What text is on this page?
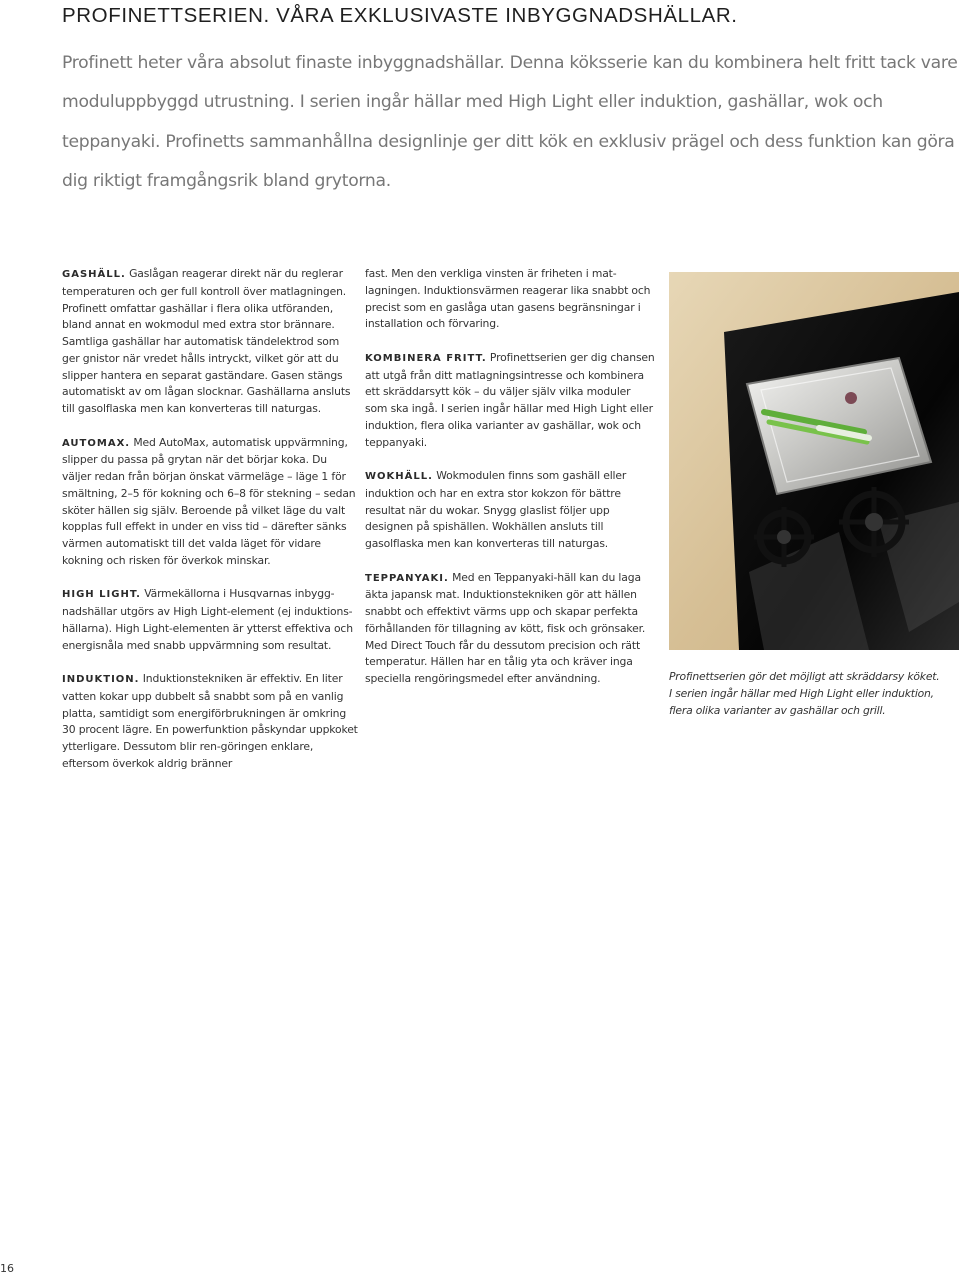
PROFINETTSERIEN. VÅRA EXKLUSIVASTE INBYGGNADSHÄLLAR.
Profinett heter våra absolut finaste inbyggnadshällar. Denna köksserie kan du kombinera helt fritt tack vare moduluppbyggd utrustning. I serien ingår hällar med High Light eller induktion, gashällar, wok och teppanyaki. Profinetts sammanhållna designlinje ger ditt kök en exklusiv prägel och dess funktion kan göra dig riktigt framgångsrik bland grytorna.

GASHÄLL. Gaslågan reagerar direkt när du reglerar temperaturen och ger full kontroll över matlagningen. Profinett omfattar gashällar i flera olika utföranden, bland annat en wokmodul med extra stor brännare. Samtliga gashällar har automatisk tändelektrod som ger gnistor när vredet hålls intryckt, vilket gör att du slipper hantera en separat gaständare. Gasen stängs automatiskt av om lågan slocknar. Gashällarna ansluts till gasolflaska men kan konverteras till naturgas.

AUTOMAX. Med AutoMax, automatisk uppvärmning, slipper du passa på grytan när det börjar koka. Du väljer redan från början önskat värmeläge – läge 1 för smältning, 2–5 för kokning och 6–8 för stekning – sedan sköter hällen sig själv. Beroende på vilket läge du valt kopplas full effekt in under en viss tid – därefter sänks värmen automatiskt till det valda läget för vidare kokning och risken för överkok minskar.

HIGH LIGHT. Värmekällorna i Husqvarnas inbygg-nadshällar utgörs av High Light-element (ej induktions-hällarna). High Light-elementen är ytterst effektiva och energisnåla med snabb uppvärmning som resultat.

INDUKTION. Induktionstekniken är effektiv. En liter vatten kokar upp dubbelt så snabbt som på en vanlig platta, samtidigt som energiförbrukningen är omkring 30 procent lägre. En powerfunktion påskyndar uppkoket ytterligare. Dessutom blir ren-göringen enklare, eftersom överkok aldrig bränner

fast. Men den verkliga vinsten är friheten i mat-lagningen. Induktionsvärmen reagerar lika snabbt och precist som en gaslåga utan gasens begränsningar i installation och förvaring.

KOMBINERA FRITT. Profinettserien ger dig chansen att utgå från ditt matlagningsintresse och kombinera ett skräddarsytt kök – du väljer själv vilka moduler som ska ingå. I serien ingår hällar med High Light eller induktion, flera olika varianter av gashällar, wok och teppanyaki.

WOKHÄLL. Wokmodulen finns som gashäll eller induktion och har en extra stor kokzon för bättre resultat när du wokar. Snygg glaslist följer upp designen på spishällen. Wokhällen ansluts till gasolflaska men kan konverteras till naturgas.

TEPPANYAKI. Med en Teppanyaki-häll kan du laga äkta japansk mat. Induktionstekniken gör att hällen snabbt och effektivt värms upp och skapar perfekta förhållanden för tillagning av kött, fisk och grönsaker. Med Direct Touch får du dessutom precision och rätt temperatur. Hällen har en tålig yta och kräver inga speciella rengöringsmedel efter användning.	Profinettserien gör det möjligt att skräddarsy köket.
I serien ingår hällar med High Light eller induktion, flera olika varianter av gashällar och grill.
16
